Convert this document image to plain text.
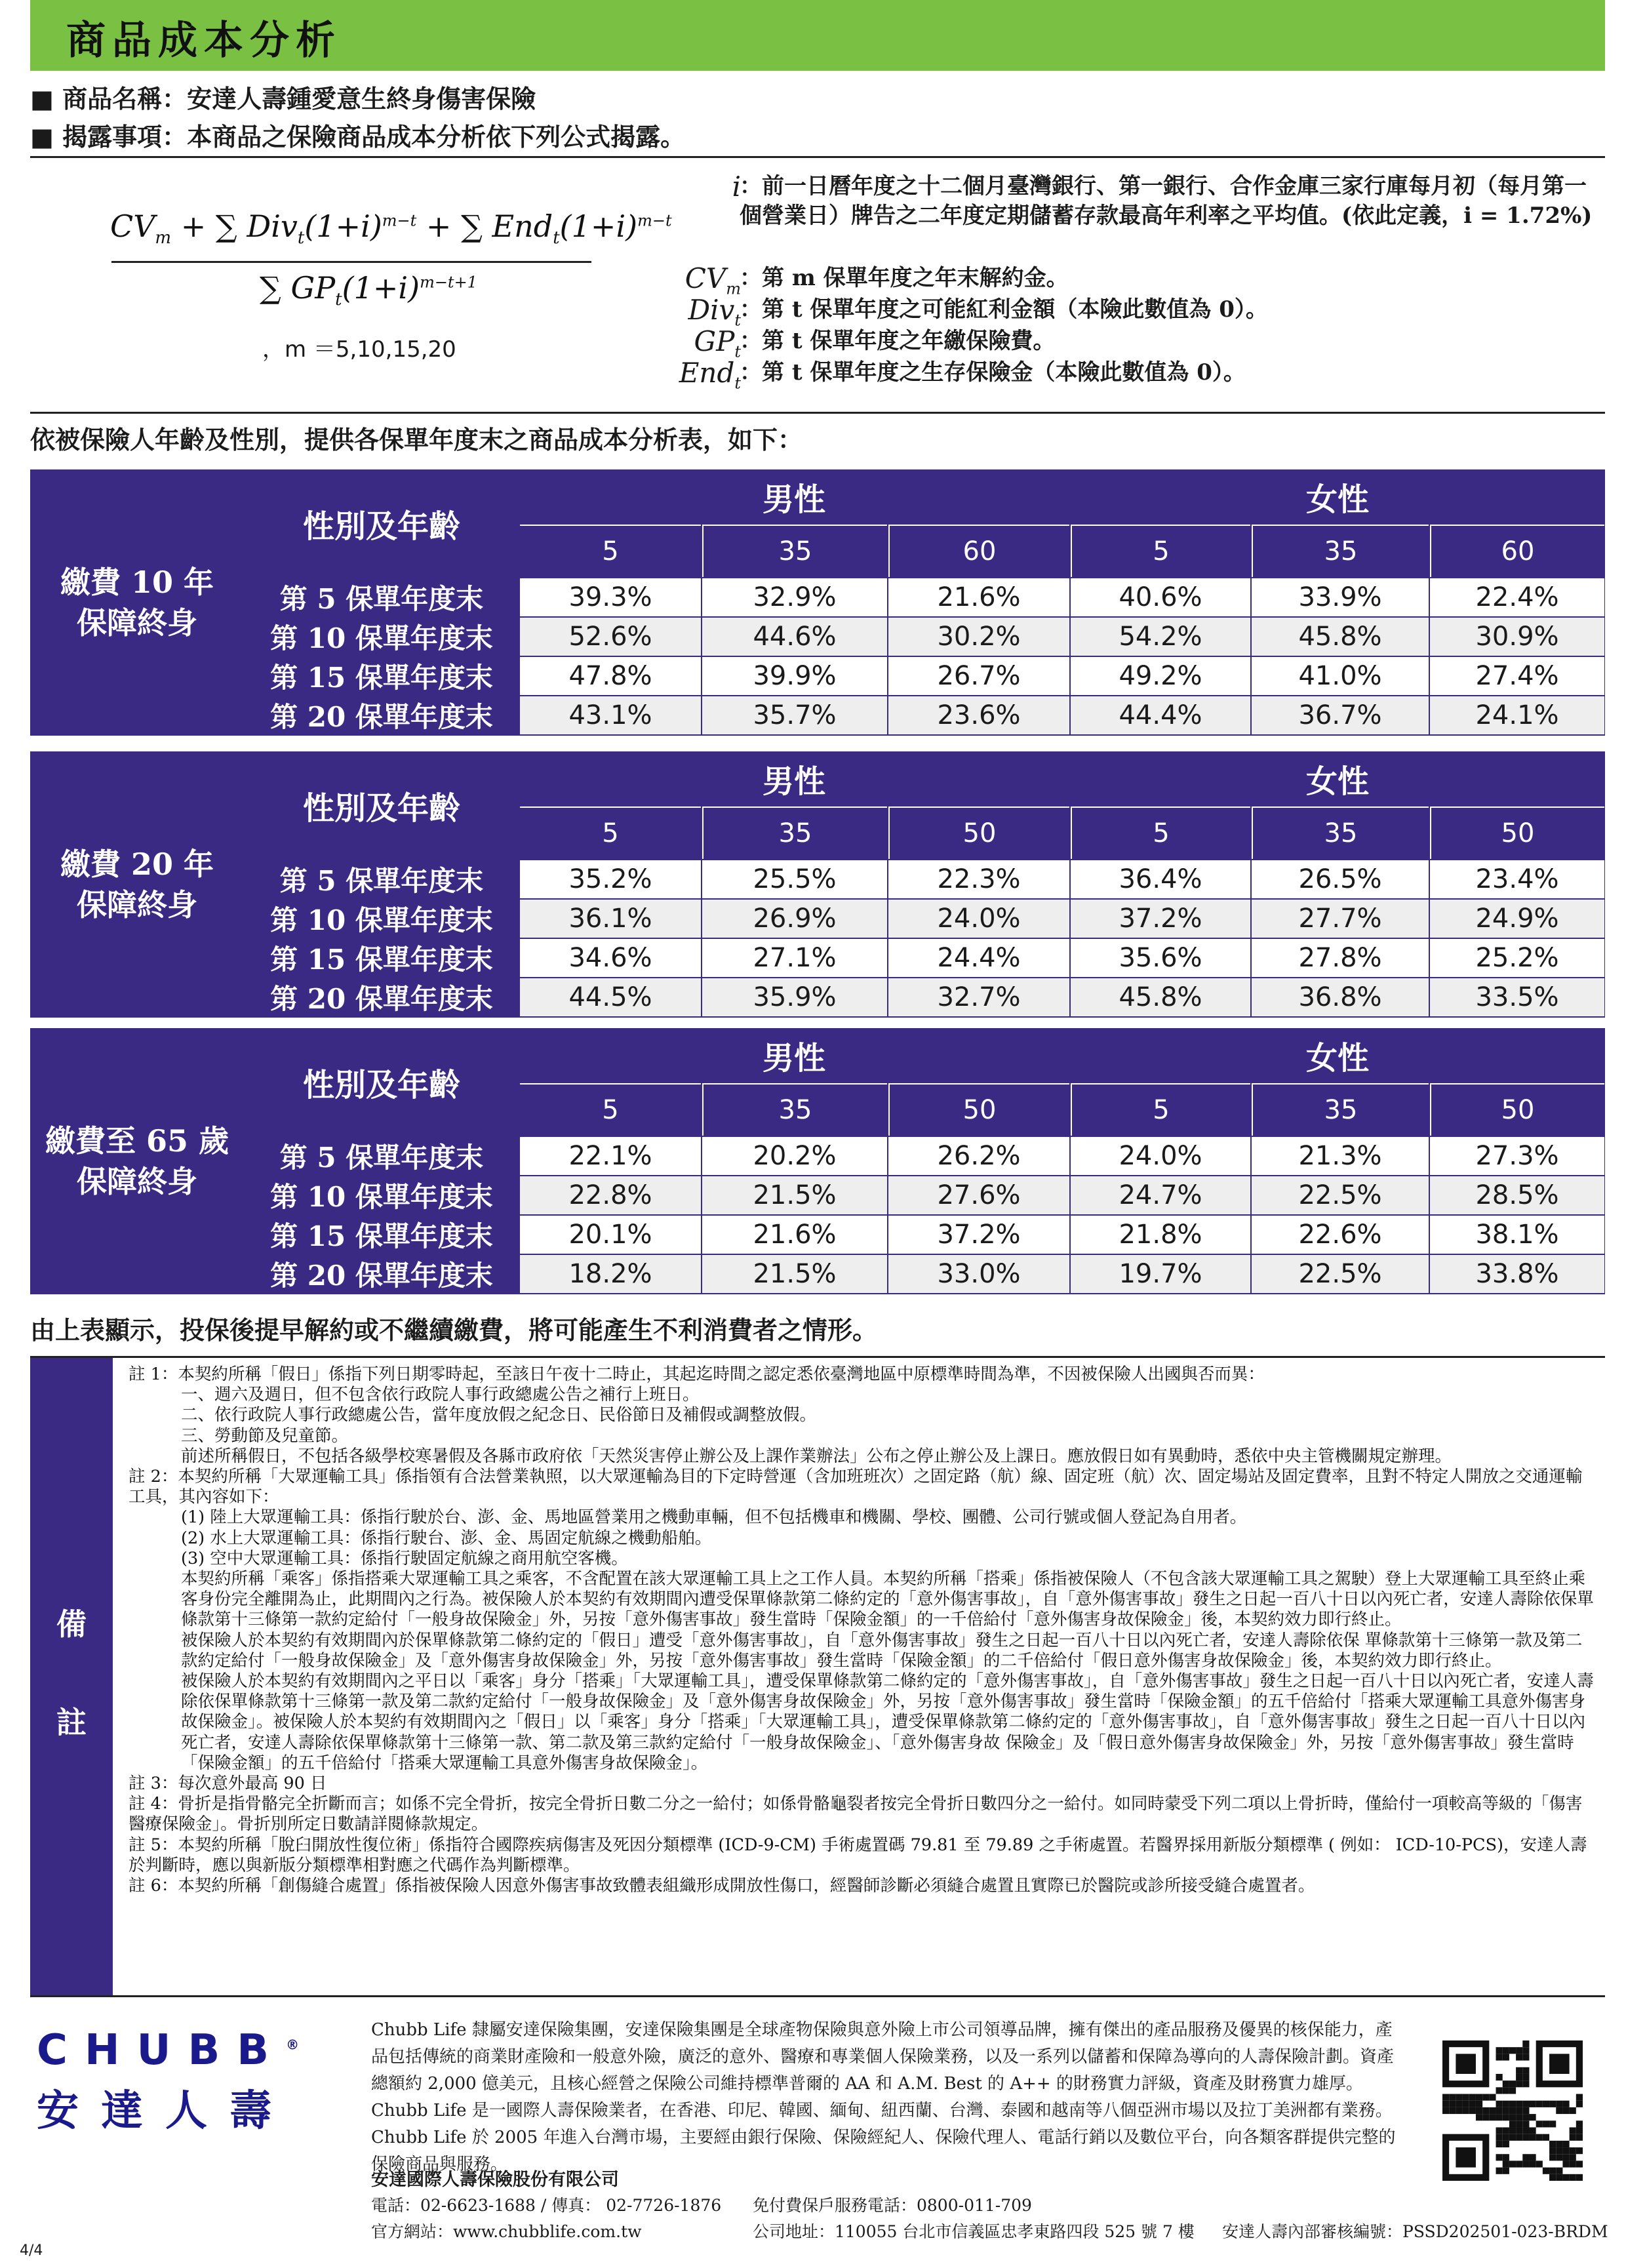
商品成本分析
■ 商品名稱：安達人壽鍾愛意生終身傷害保險
■ 揭露事項：本商品之保險商品成本分析依下列公式揭露。
$CV_m$ + ∑ $Div_t(1+i)^{m-t}$ + ∑ $End_t(1+i)^{m-t}$
∑ $GP_t(1+i)^{m-t+1}$
，m ＝5,10,15,20
i
：前一日曆年度之十二個月臺灣銀行、第一銀行、合作金庫三家行庫每月初（每月第一個營業日）牌告之二年度定期儲蓄存款最高年利率之平均值。(依此定義，i = 1.72%)
$CV_m$
：第 m 保單年度之年末解約金。
Div$_t$
：第 t 保單年度之可能紅利金額（本險此數值為 0）。
$GP_t$
：第 t 保單年度之年繳保險費。
End$_t$
：第 t 保單年度之生存保險金（本險此數值為 0）。
依被保險人年齡及性別，提供各保單年度末之商品成本分析表，如下：
繳費 10 年
保障終身
性別及年齡
男性	女性
5	35	60	5	35	60
第 5 保單年度末	39.3%	32.9%	21.6%	40.6%	33.9%	22.4%
第 10 保單年度末	52.6%	44.6%	30.2%	54.2%	45.8%	30.9%
第 15 保單年度末	47.8%	39.9%	26.7%	49.2%	41.0%	27.4%
第 20 保單年度末	43.1%	35.7%	23.6%	44.4%	36.7%	24.1%
繳費 20 年
保障終身
性別及年齡
男性	女性
5	35	50	5	35	50
第 5 保單年度末	35.2%	25.5%	22.3%	36.4%	26.5%	23.4%
第 10 保單年度末	36.1%	26.9%	24.0%	37.2%	27.7%	24.9%
第 15 保單年度末	34.6%	27.1%	24.4%	35.6%	27.8%	25.2%
第 20 保單年度末	44.5%	35.9%	32.7%	45.8%	36.8%	33.5%
繳費至 65 歲
保障終身
性別及年齡
男性	女性
5	35	50	5	35	50
第 5 保單年度末	22.1%	20.2%	26.2%	24.0%	21.3%	27.3%
第 10 保單年度末	22.8%	21.5%	27.6%	24.7%	22.5%	28.5%
第 15 保單年度末	20.1%	21.6%	37.2%	21.8%	22.6%	38.1%
第 20 保單年度末	18.2%	21.5%	33.0%	19.7%	22.5%	33.8%
由上表顯示，投保後提早解約或不繼續繳費，將可能產生不利消費者之情形。
備
註

註 1：本契約所稱「假日」係指下列日期零時起，至該日午夜十二時止，其起迄時間之認定悉依臺灣地區中原標準時間為準，不因被保險人出國與否而異：

一、週六及週日，但不包含依行政院人事行政總處公告之補行上班日。

二、依行政院人事行政總處公告，當年度放假之紀念日、民俗節日及補假或調整放假。

三、勞動節及兒童節。

前述所稱假日，不包括各級學校寒暑假及各縣市政府依「天然災害停止辦公及上課作業辦法」公布之停止辦公及上課日。應放假日如有異動時，悉依中央主管機關規定辦理。

註 2：本契約所稱「大眾運輸工具」係指領有合法營業執照，以大眾運輸為目的下定時營運（含加班班次）之固定路（航）線、固定班（航）次、固定場站及固定費率，且對不特定人開放之交通運輸工具，其內容如下：

(1) 陸上大眾運輸工具：係指行駛於台、澎、金、馬地區營業用之機動車輛，但不包括機車和機關、學校、團體、公司行號或個人登記為自用者。

(2) 水上大眾運輸工具：係指行駛台、澎、金、馬固定航線之機動船舶。

(3) 空中大眾運輸工具：係指行駛固定航線之商用航空客機。

本契約所稱「乘客」係指搭乘大眾運輸工具之乘客，不含配置在該大眾運輸工具上之工作人員。本契約所稱「搭乘」係指被保險人（不包含該大眾運輸工具之駕駛）登上大眾運輸工具至終止乘客身份完全離開為止，此期間內之行為。被保險人於本契約有效期間內遭受保單條款第二條約定的「意外傷害事故」，自「意外傷害事故」發生之日起一百八十日以內死亡者，安達人壽除依保單條款第十三條第一款約定給付「一般身故保險金」外，另按「意外傷害事故」發生當時「保險金額」的一千倍給付「意外傷害身故保險金」後，本契約效力即行終止。

被保險人於本契約有效期間內於保單條款第二條約定的「假日」遭受「意外傷害事故」，自「意外傷害事故」發生之日起一百八十日以內死亡者，安達人壽除依保 單條款第十三條第一款及第二款約定給付「一般身故保險金」及「意外傷害身故保險金」外，另按「意外傷害事故」發生當時「保險金額」的二千倍給付「假日意外傷害身故保險金」後，本契約效力即行終止。

被保險人於本契約有效期間內之平日以「乘客」身分「搭乘」「大眾運輸工具」，遭受保單條款第二條約定的「意外傷害事故」，自「意外傷害事故」發生之日起一百八十日以內死亡者，安達人壽除依保單條款第十三條第一款及第二款約定給付「一般身故保險金」及「意外傷害身故保險金」外，另按「意外傷害事故」發生當時「保險金額」的五千倍給付「搭乘大眾運輸工具意外傷害身故保險金」。被保險人於本契約有效期間內之「假日」以「乘客」身分「搭乘」「大眾運輸工具」，遭受保單條款第二條約定的「意外傷害事故」，自「意外傷害事故」發生之日起一百八十日以內死亡者，安達人壽除依保單條款第十三條第一款、第二款及第三款約定給付「一般身故保險金」、「意外傷害身故 保險金」及「假日意外傷害身故保險金」外，另按「意外傷害事故」發生當時「保險金額」的五千倍給付「搭乘大眾運輸工具意外傷害身故保險金」。

註 3：每次意外最高 90 日

註 4：骨折是指骨骼完全折斷而言；如係不完全骨折，按完全骨折日數二分之一給付；如係骨骼龜裂者按完全骨折日數四分之一給付。如同時蒙受下列二項以上骨折時，僅給付一項較高等級的「傷害醫療保險金」。骨折別所定日數請詳閱條款規定。

註 5：本契約所稱「脫臼開放性復位術」係指符合國際疾病傷害及死因分類標準 (ICD-9-CM) 手術處置碼 79.81 至 79.89 之手術處置。若醫界採用新版分類標準 ( 例如： ICD-10-PCS)，安達人壽於判斷時，應以與新版分類標準相對應之代碼作為判斷標準。

註 6：本契約所稱「創傷縫合處置」係指被保險人因意外傷害事故致體表組織形成開放性傷口，經醫師診斷必須縫合處置且實際已於醫院或診所接受縫合處置者。

CHUBB®
安達人壽
Chubb Life 隸屬安達保險集團，安達保險集團是全球產物保險與意外險上市公司領導品牌，擁有傑出的產品服務及優異的核保能力，產品包括傳統的商業財產險和一般意外險，廣泛的意外、醫療和專業個人保險業務，以及一系列以儲蓄和保障為導向的人壽保險計劃。資產總額約 2,000 億美元，且核心經營之保險公司維持標準普爾的 AA 和 A.M. Best 的 A++ 的財務實力評級，資產及財務實力雄厚。Chubb Life 是一國際人壽保險業者，在香港、印尼、韓國、緬甸、紐西蘭、台灣、泰國和越南等八個亞洲市場以及拉丁美洲都有業務。Chubb Life 於 2005 年進入台灣市場，主要經由銀行保險、保險經紀人、保險代理人、電話行銷以及數位平台，向各類客群提供完整的保險商品與服務。
安達國際人壽保險股份有限公司
電話：02-6623-1688 / 傳真： 02-7726-1876
官方網站：www.chubblife.com.tw
免付費保戶服務電話：0800-011-709
公司地址：110055 台北市信義區忠孝東路四段 525 號 7 樓 安達人壽內部審核編號：PSSD202501-023-BRDM
4/4
